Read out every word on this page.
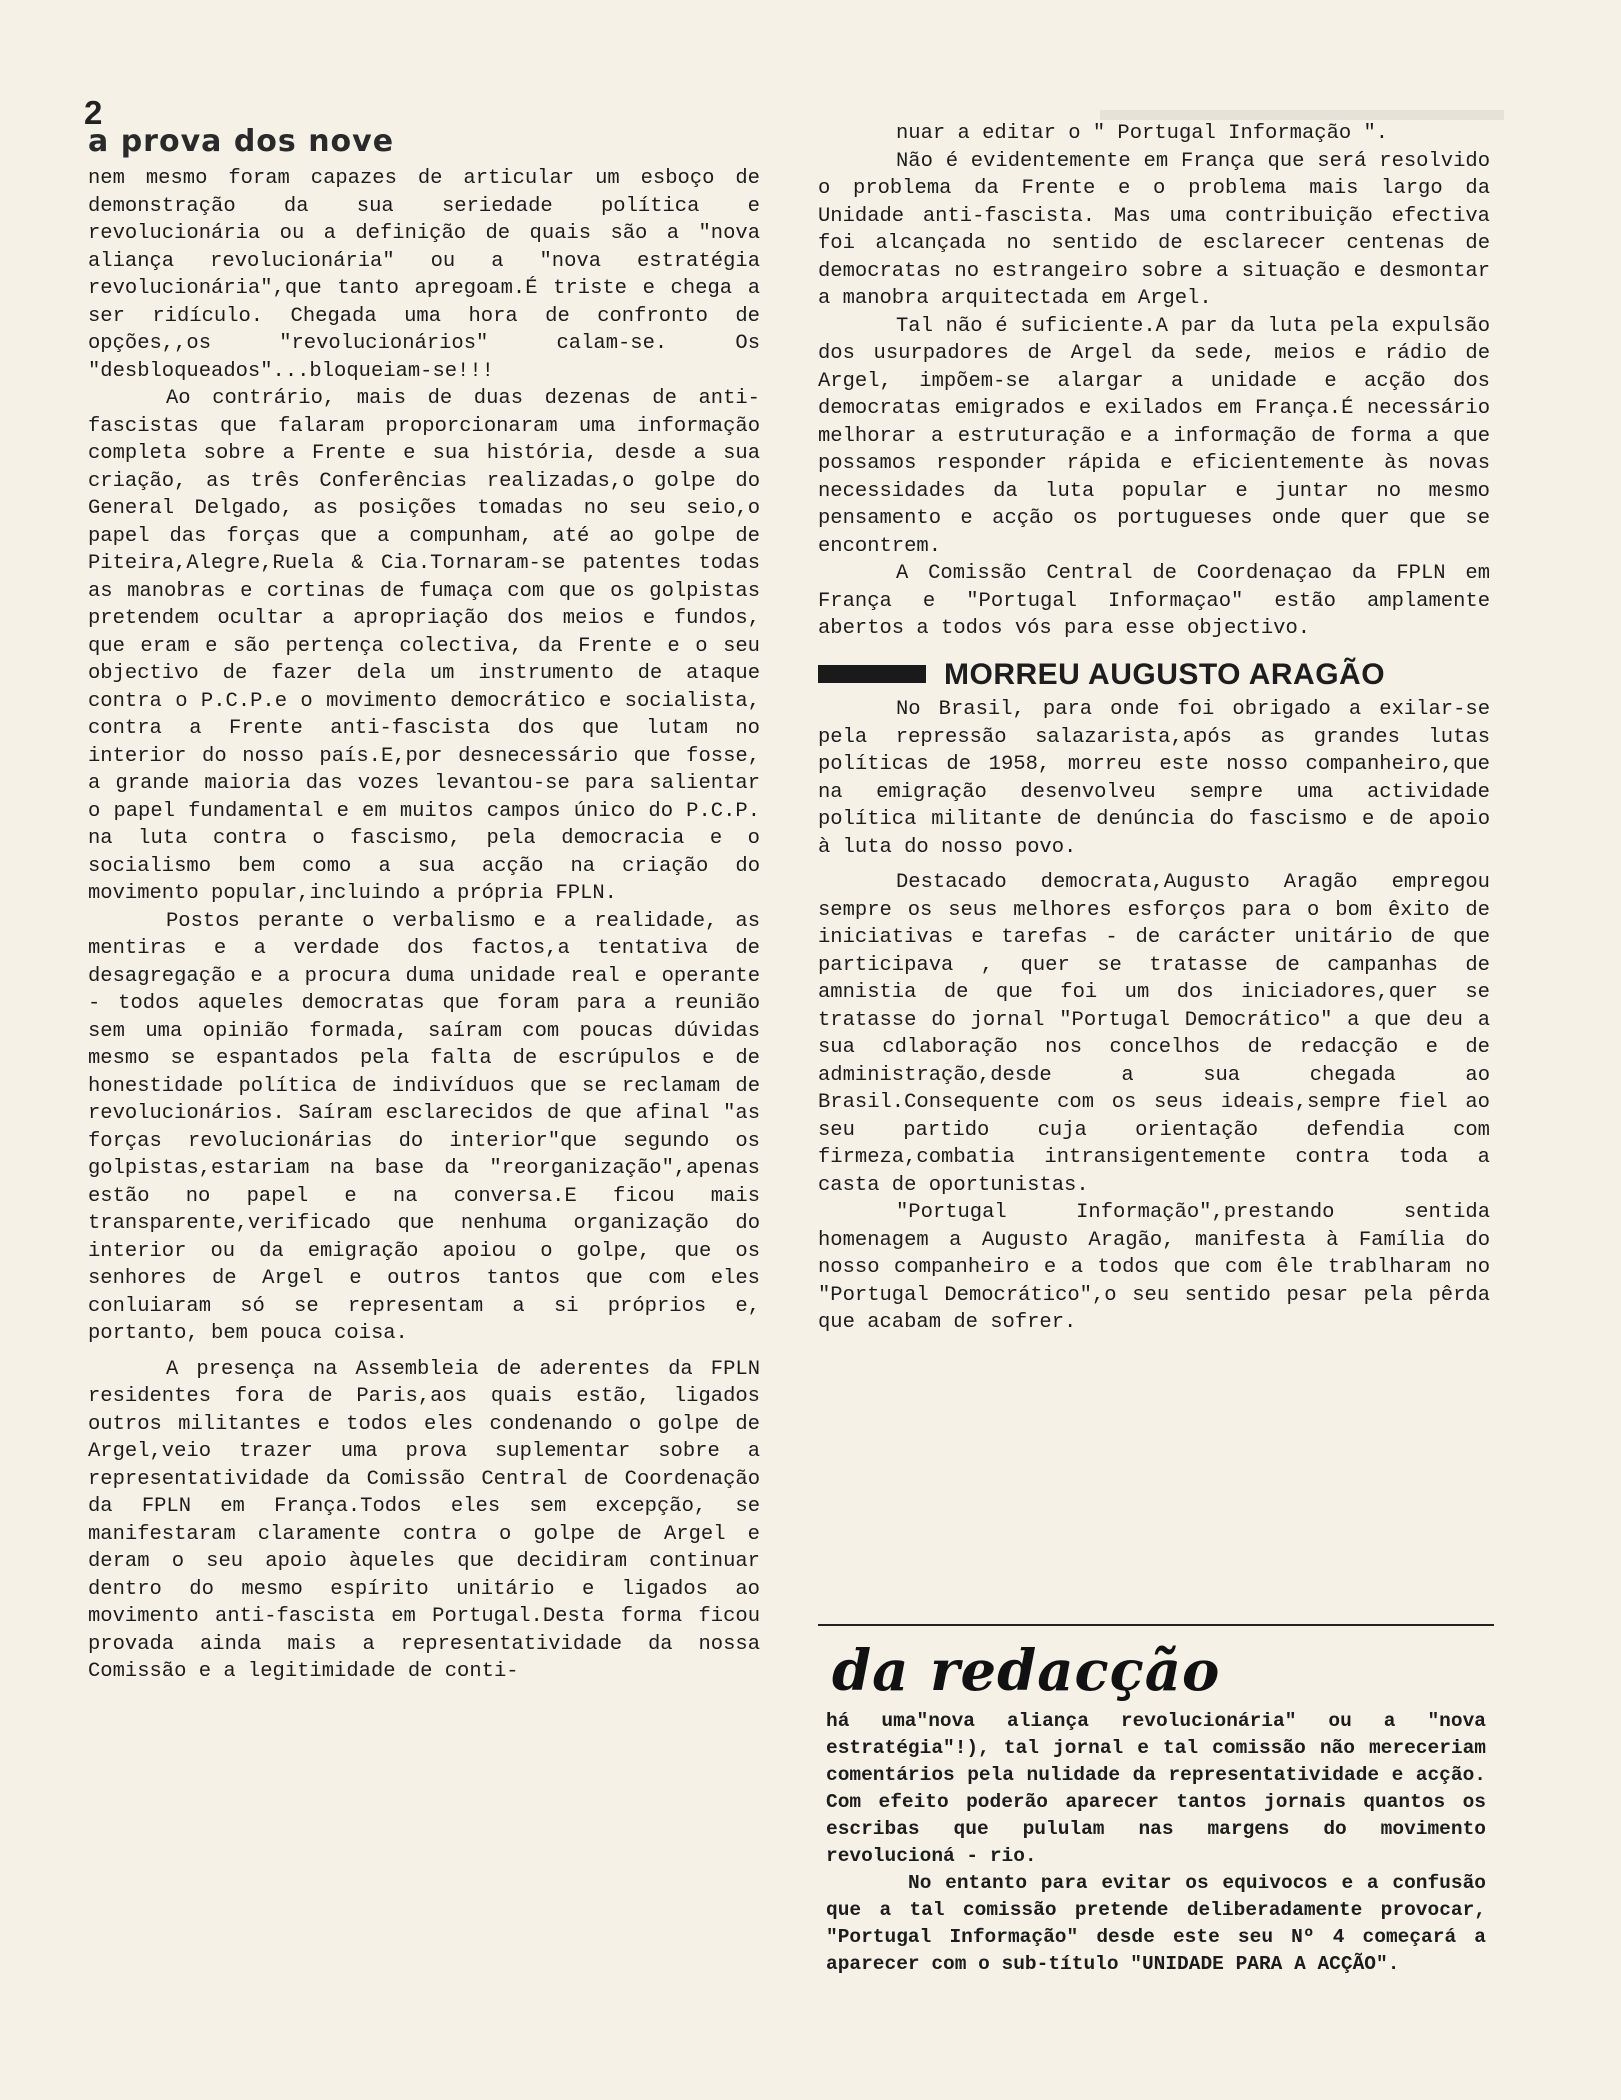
2
a prova dos nove

nem mesmo foram capazes de articular um esboço de demonstração da sua seriedade política e revolucionária ou a definição de quais são a "nova aliança revolucionária" ou a "nova estratégia revolucionária",que tanto apregoam.É triste e chega a ser ridículo. Chegada uma hora de confronto de opções,,os "revolucionários" calam-se. Os "desbloqueados"...bloqueiam-se!!!

Ao contrário, mais de duas dezenas de anti-fascistas que falaram proporcionaram uma informação completa sobre a Frente e sua história, desde a sua criação, as três Conferências realizadas,o golpe do General Delgado, as posições tomadas no seu seio,o papel das forças que a compunham, até ao golpe de Piteira,Alegre,Ruela & Cia.Tornaram-se patentes todas as manobras e cortinas de fumaça com que os golpistas pretendem ocultar a apropriação dos meios e fundos, que eram e são pertença colectiva, da Frente e o seu objectivo de fazer dela um instrumento de ataque contra o P.C.P.e o movimento democrático e socialista, contra a Frente anti-fascista dos que lutam no interior do nosso país.E,por desnecessário que fosse, a grande maioria das vozes levantou-se para salientar o papel fundamental e em muitos campos único do P.C.P. na luta contra o fascismo, pela democracia e o socialismo bem como a sua acção na criação do movimento popular,incluindo a própria FPLN.

Postos perante o verbalismo e a realidade, as mentiras e a verdade dos factos,a tentativa de desagregação e a procura duma unidade real e operante - todos aqueles democratas que foram para a reunião sem uma opinião formada, saíram com poucas dúvidas mesmo se espantados pela falta de escrúpulos e de honestidade política de indivíduos que se reclamam de revolucionários. Saíram esclarecidos de que afinal "as forças revolucionárias do interior"que segundo os golpistas,estariam na base da "reorganização",apenas estão no papel e na conversa.E ficou mais transparente,verificado que nenhuma organização do interior ou da emigração apoiou o golpe, que os senhores de Argel e outros tantos que com eles conluiaram só se representam a si próprios e, portanto, bem pouca coisa.

A presença na Assembleia de aderentes da FPLN residentes fora de Paris,aos quais estão, ligados outros militantes e todos eles condenando o golpe de Argel,veio trazer uma prova suplementar sobre a representatividade da Comissão Central de Coordenação da FPLN em França.Todos eles sem excepção, se manifestaram claramente contra o golpe de Argel e deram o seu apoio àqueles que decidiram continuar dentro do mesmo espírito unitário e ligados ao movimento anti-fascista em Portugal.Desta forma ficou provada ainda mais a representatividade da nossa Comissão e a legitimidade de conti-

nuar a editar o " Portugal Informação ".

Não é evidentemente em França que será resolvido o problema da Frente e o problema mais largo da Unidade anti-fascista. Mas uma contribuição efectiva foi alcançada no sentido de esclarecer centenas de democratas no estrangeiro sobre a situação e desmontar a manobra arquitectada em Argel.

Tal não é suficiente.A par da luta pela expulsão dos usurpadores de Argel da sede, meios e rádio de Argel, impõem-se alargar a unidade e acção dos democratas emigrados e exilados em França.É necessário melhorar a estruturação e a informação de forma a que possamos responder rápida e eficientemente às novas necessidades da luta popular e juntar no mesmo pensamento e acção os portugueses onde quer que se encontrem.

A Comissão Central de Coordenaçao da FPLN em França e "Portugal Informaçao" estão amplamente abertos a todos vós para esse objectivo.

MORREU AUGUSTO ARAGÃO

No Brasil, para onde foi obrigado a exilar-se pela repressão salazarista,após as grandes lutas políticas de 1958, morreu este nosso companheiro,que na emigração desenvolveu sempre uma actividade política militante de denúncia do fascismo e de apoio à luta do nosso povo.

Destacado democrata,Augusto Aragão empregou sempre os seus melhores esforços para o bom êxito de iniciativas e tarefas - de carácter unitário de que participava , quer se tratasse de campanhas de amnistia de que foi um dos iniciadores,quer se tratasse do jornal "Portugal Democrático" a que deu a sua cdlaboração nos concelhos de redacção e de administração,desde a sua chegada ao Brasil.Consequente com os seus ideais,sempre fiel ao seu partido cuja orientação defendia com firmeza,combatia intransigentemente contra toda a casta de oportunistas.

"Portugal Informação",prestando sentida homenagem a Augusto Aragão, manifesta à Família do nosso companheiro e a todos que com êle trablharam no "Portugal Democrático",o seu sentido pesar pela pêrda que acabam de sofrer.

da redacção

há uma"nova aliança revolucionária" ou a "nova estratégia"!), tal jornal e tal comissão não mereceriam comentários pela nulidade da representatividade e acção. Com efeito poderão aparecer tantos jornais quantos os escribas que pululam nas margens do movimento revolucioná - rio.

No entanto para evitar os equivocos e a confusão que a tal comissão pretende deliberadamente provocar, "Portugal Informação" desde este seu Nº 4 começará a aparecer com o sub-título "UNIDADE PARA A ACÇÃO".
